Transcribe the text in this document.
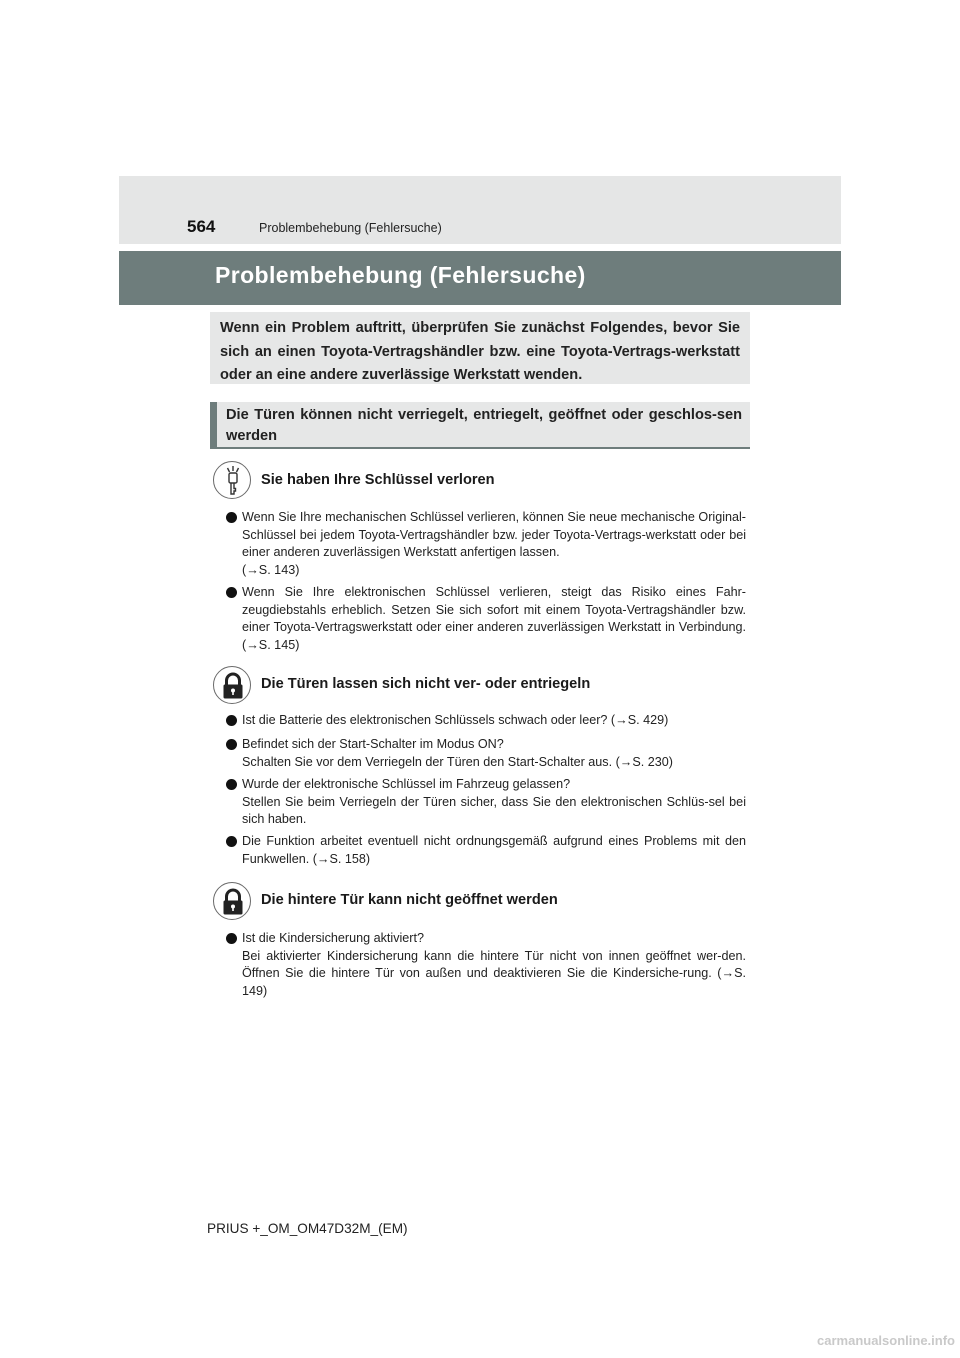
564	Problembehebung (Fehlersuche)
Problembehebung (Fehlersuche)

Wenn ein Problem auftritt, überprüfen Sie zunächst Folgendes, bevor Sie sich an einen Toyota-Vertragshändler bzw. eine Toyota-Vertrags-werkstatt oder an eine andere zuverlässige Werkstatt wenden.

Die Türen können nicht verriegelt, entriegelt, geöffnet oder geschlos-sen werden

Sie haben Ihre Schlüssel verloren
Wenn Sie Ihre mechanischen Schlüssel verlieren, können Sie neue mechanische Original-Schlüssel bei jedem Toyota-Vertragshändler bzw. jeder Toyota-Vertrags-werkstatt oder bei einer anderen zuverlässigen Werkstatt anfertigen lassen.
(→S. 143)
Wenn Sie Ihre elektronischen Schlüssel verlieren, steigt das Risiko eines Fahr-zeugdiebstahls erheblich. Setzen Sie sich sofort mit einem Toyota-Vertragshändler bzw. einer Toyota-Vertragswerkstatt oder einer anderen zuverlässigen Werkstatt in Verbindung. (→S. 145)
Die Türen lassen sich nicht ver- oder entriegeln
Ist die Batterie des elektronischen Schlüssels schwach oder leer? (→S. 429)
Befindet sich der Start-Schalter im Modus ON?
Schalten Sie vor dem Verriegeln der Türen den Start-Schalter aus. (→S. 230)
Wurde der elektronische Schlüssel im Fahrzeug gelassen?
Stellen Sie beim Verriegeln der Türen sicher, dass Sie den elektronischen Schlüs-sel bei sich haben.
Die Funktion arbeitet eventuell nicht ordnungsgemäß aufgrund eines Problems mit den Funkwellen. (→S. 158)
Die hintere Tür kann nicht geöffnet werden
Ist die Kindersicherung aktiviert?
Bei aktivierter Kindersicherung kann die hintere Tür nicht von innen geöffnet wer-den. Öffnen Sie die hintere Tür von außen und deaktivieren Sie die Kindersiche-rung. (→S. 149)
PRIUS +_OM_OM47D32M_(EM)
carmanualsonline.info
